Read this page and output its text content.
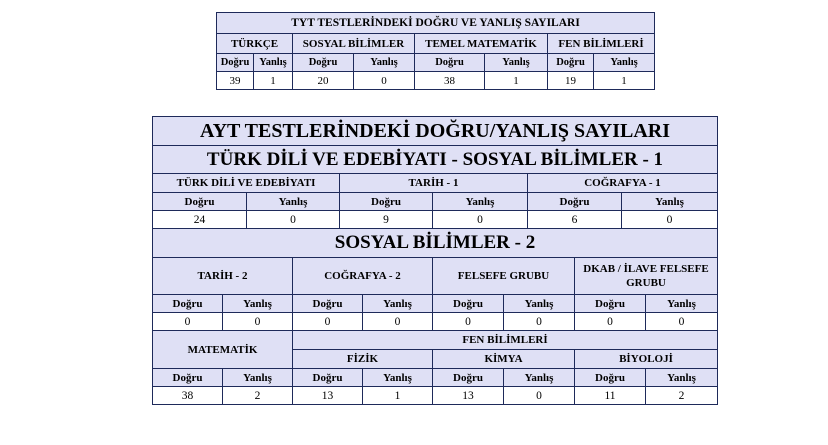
TYT TESTLERİNDEKİ DOĞRU VE YANLIŞ SAYILARI							
TÜRKÇE		SOSYAL BİLİMLER		TEMEL MATEMATİK		FEN BİLİMLERİ	
Doğru	Yanlış	Doğru	Yanlış	Doğru	Yanlış	Doğru	Yanlış
39	1	20	0	38	1	19	1
AYT TESTLERİNDEKİ DOĞRU/YANLIŞ SAYILARI											
TÜRK DİLİ VE EDEBİYATI - SOSYAL BİLİMLER - 1											
TÜRK DİLİ VE EDEBİYATI				TARİH - 1				COĞRAFYA - 1			
Doğru		Yanlış		Doğru		Yanlış		Doğru		Yanlış	
24		0		9		0		6		0	
SOSYAL BİLİMLER - 2											
TARİH - 2			COĞRAFYA - 2			FELSEFE GRUBU			DKAB / İLAVE FELSEFE GRUBU		
Doğru	Yanlış		Doğru		Yanlış	Doğru	Yanlış		Doğru		Yanlış
0	0		0		0	0	0		0		0
MATEMATİK			FEN BİLİMLERİ								
			FİZİK			KİMYA			BİYOLOJİ		
Doğru	Yanlış		Doğru		Yanlış	Doğru	Yanlış		Doğru		Yanlış
38	2		13		1	13	0		11		2
